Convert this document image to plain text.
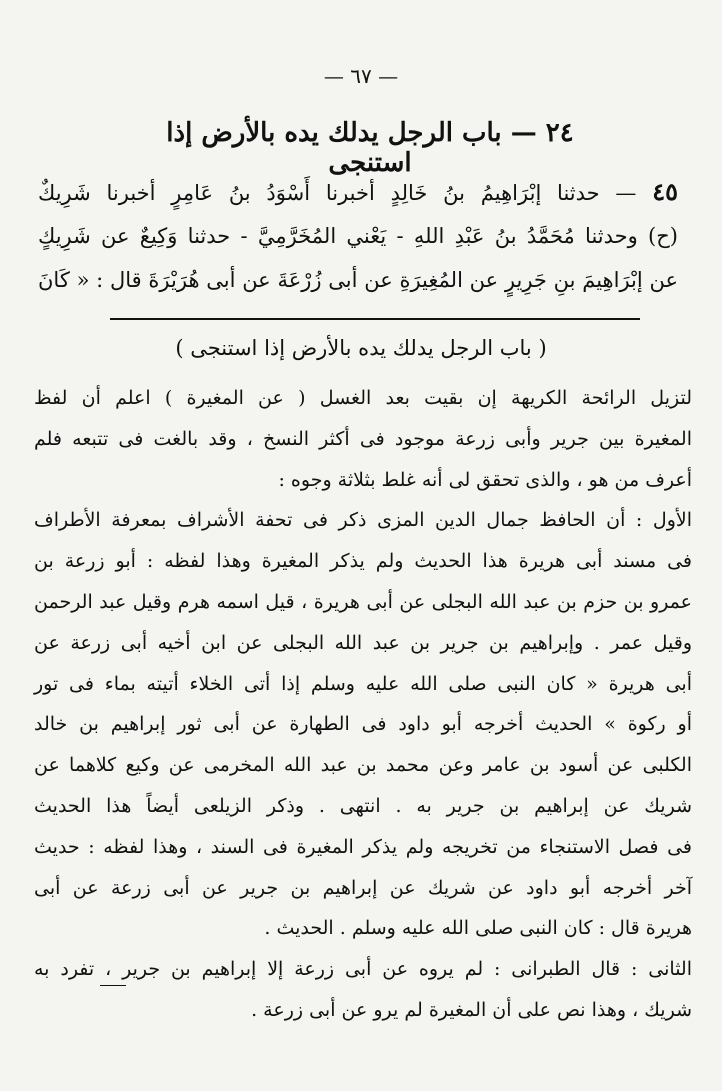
— ٦٧ —
٢٤ — باب الرجل يدلك يده بالأرض إذا استنجى
٤٥ — حدثنا إبْرَاهِيمُ بنُ خَالِدٍ أخبرنا أَسْوَدُ بنُ عَامِرٍ أخبرنا شَرِيكٌ
(ح) وحدثنا مُحَمَّدُ بنُ عَبْدِ اللهِ - يَعْني المُخَرَّمِيَّ - حدثنا وَكِيعٌ عن شَرِيكٍ
عن إبْرَاهِيمَ بنِ جَرِيرٍ عن المُغِيرَةِ عن أبى زُرْعَةَ عن أبى هُرَيْرَةَ قال : « كَانَ
( باب الرجل يدلك يده بالأرض إذا استنجى )
لتزيل الرائحة الكريهة إن بقيت بعد الغسل ( عن المغيرة ) اعلم أن لفظ
المغيرة بين جرير وأبى زرعة موجود فى أكثر النسخ ، وقد بالغت فى تتبعه فلم
أعرف من هو ، والذى تحقق لى أنه غلط بثلاثة وجوه :
الأول : أن الحافظ جمال الدين المزى ذكر فى تحفة الأشراف بمعرفة الأطراف
فى مسند أبى هريرة هذا الحديث ولم يذكر المغيرة وهذا لفظه : أبو زرعة بن
عمرو بن حزم بن عبد الله البجلى عن أبى هريرة ، قيل اسمه هرم وقيل عبد الرحمن
وقيل عمر . وإبراهيم بن جرير بن عبد الله البجلى عن ابن أخيه أبى زرعة عن
أبى هريرة « كان النبى صلى الله عليه وسلم إذا أتى الخلاء أتيته بماء فى تور
أو ركوة » الحديث أخرجه أبو داود فى الطهارة عن أبى ثور إبراهيم بن خالد
الكلبى عن أسود بن عامر وعن محمد بن عبد الله المخرمى عن وكيع كلاهما عن
شريك عن إبراهيم بن جرير به . انتهى . وذكر الزيلعى أيضاً هذا الحديث
فى فصل الاستنجاء من تخريجه ولم يذكر المغيرة فى السند ، وهذا لفظه : حديث
آخر أخرجه أبو داود عن شريك عن إبراهيم بن جرير عن أبى زرعة عن أبى
هريرة قال : كان النبى صلى الله عليه وسلم . الحديث .
الثانى : قال الطبرانى : لم يروه عن أبى زرعة إلا إبراهيم بن جرير ، تفرد به
شريك ، وهذا نص على أن المغيرة لم يرو عن أبى زرعة .
